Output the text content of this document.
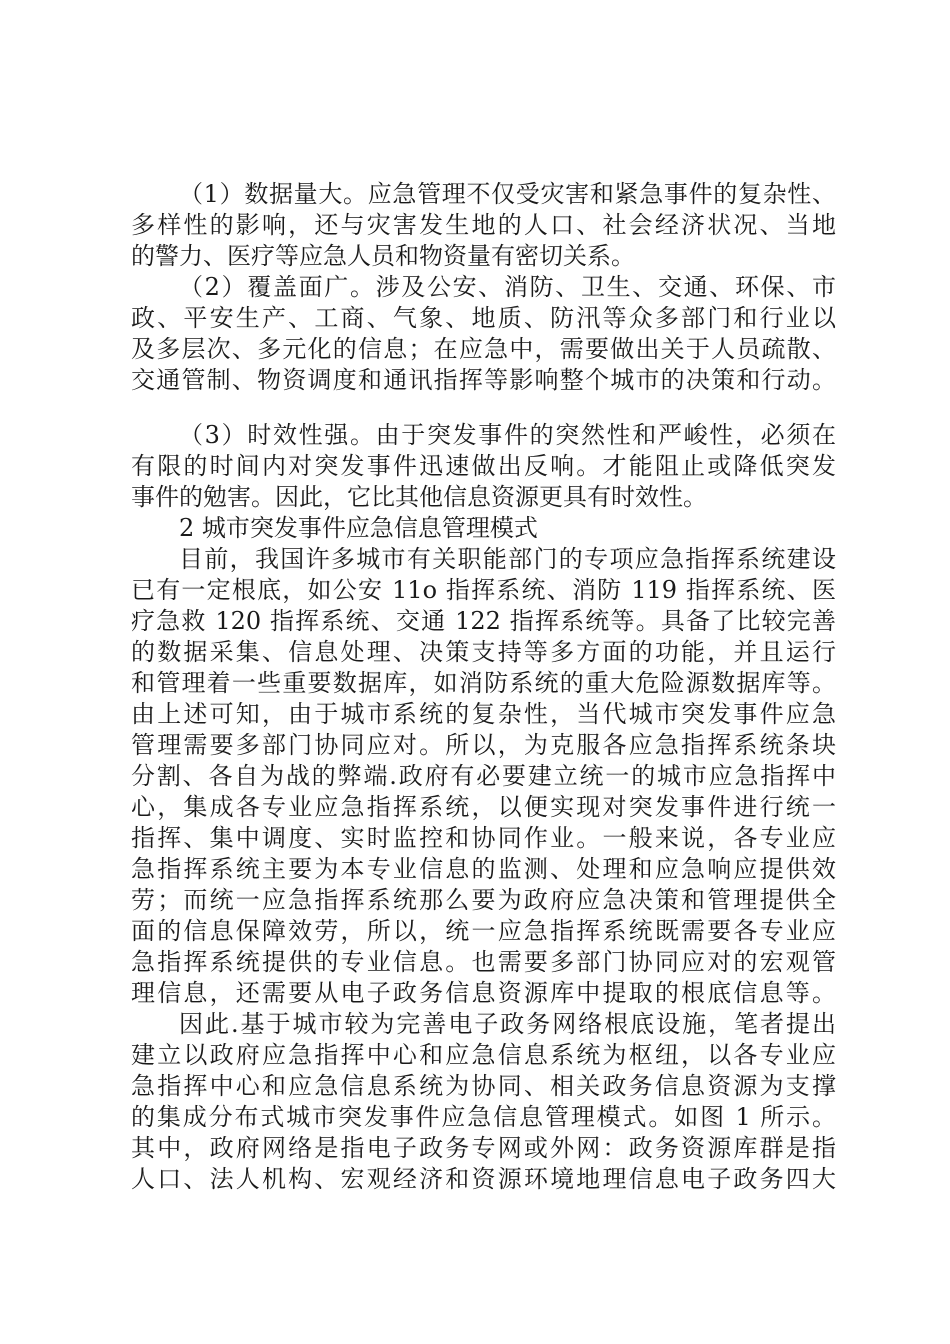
（1）数据量大。应急管理不仅受灾害和紧急事件的复杂性、
多样性的影响，还与灾害发生地的人口、社会经济状况、当地
的警力、医疗等应急人员和物资量有密切关系。
（2）覆盖面广。涉及公安、消防、卫生、交通、环保、市
政、平安生产、工商、气象、地质、防汛等众多部门和行业以
及多层次、多元化的信息；在应急中，需要做出关于人员疏散、
交通管制、物资调度和通讯指挥等影响整个城市的决策和行动。
（3）时效性强。由于突发事件的突然性和严峻性，必须在
有限的时间内对突发事件迅速做出反响。才能阻止或降低突发
事件的勉害。因此，它比其他信息资源更具有时效性。
2 城市突发事件应急信息管理模式
目前，我国许多城市有关职能部门的专项应急指挥系统建设
已有一定根底，如公安 11o 指挥系统、消防 119 指挥系统、医
疗急救 120 指挥系统、交通 122 指挥系统等。具备了比较完善
的数据采集、信息处理、决策支持等多方面的功能，并且运行
和管理着一些重要数据库，如消防系统的重大危险源数据库等。
由上述可知，由于城市系统的复杂性，当代城市突发事件应急
管理需要多部门协同应对。所以，为克服各应急指挥系统条块
分割、各自为战的弊端.政府有必要建立统一的城市应急指挥中
心，集成各专业应急指挥系统，以便实现对突发事件进行统一
指挥、集中调度、实时监控和协同作业。一般来说，各专业应
急指挥系统主要为本专业信息的监测、处理和应急响应提供效
劳；而统一应急指挥系统那么要为政府应急决策和管理提供全
面的信息保障效劳，所以，统一应急指挥系统既需要各专业应
急指挥系统提供的专业信息。也需要多部门协同应对的宏观管
理信息，还需要从电子政务信息资源库中提取的根底信息等。
因此.基于城市较为完善电子政务网络根底设施，笔者提出
建立以政府应急指挥中心和应急信息系统为枢纽，以各专业应
急指挥中心和应急信息系统为协同、相关政务信息资源为支撑
的集成分布式城市突发事件应急信息管理模式。如图 1 所示。
其中，政府网络是指电子政务专网或外网：政务资源库群是指
人口、法人机构、宏观经济和资源环境地理信息电子政务四大
